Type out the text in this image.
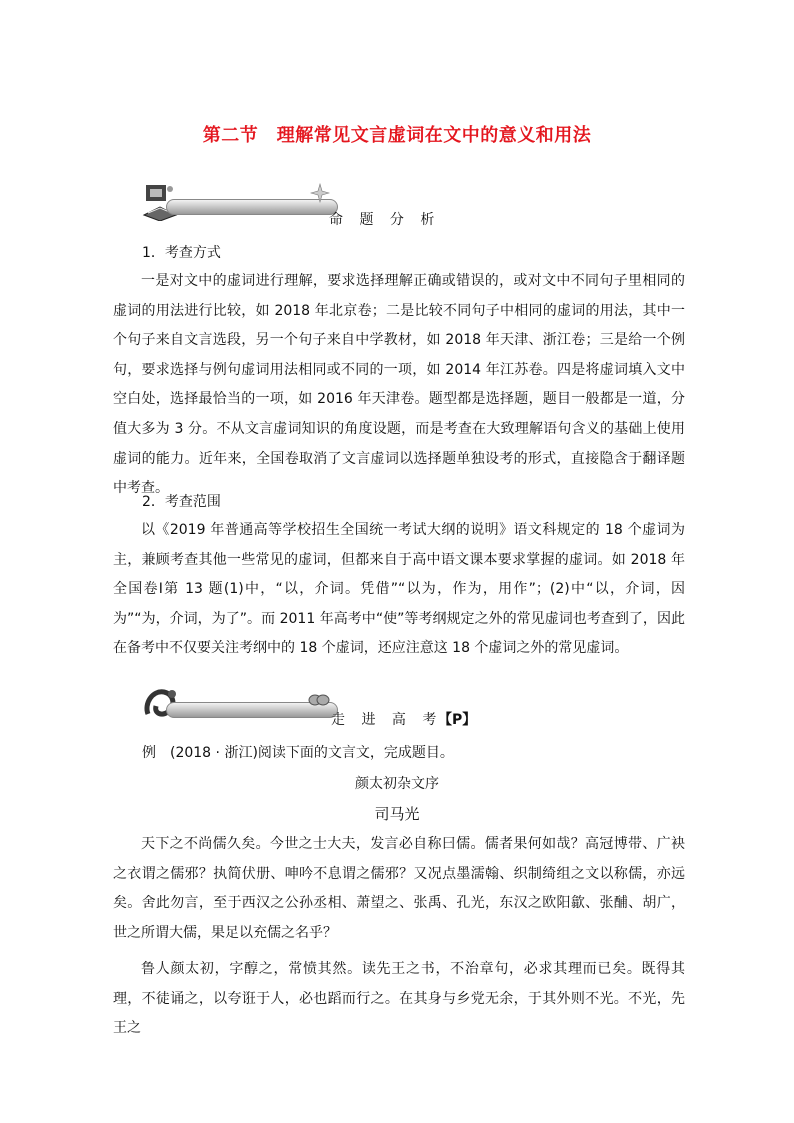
第二节　理解常见文言虚词在文中的意义和用法
命 题 分 析
1．考查方式
一是对文中的虚词进行理解，要求选择理解正确或错误的，或对文中不同句子里相同的虚词的用法进行比较，如 2018 年北京卷；二是比较不同句子中相同的虚词的用法，其中一个句子来自文言选段，另一个句子来自中学教材，如 2018 年天津、浙江卷；三是给一个例句，要求选择与例句虚词用法相同或不同的一项，如 2014 年江苏卷。四是将虚词填入文中空白处，选择最恰当的一项，如 2016 年天津卷。题型都是选择题，题目一般都是一道，分值大多为 3 分。不从文言虚词知识的角度设题，而是考查在大致理解语句含义的基础上使用虚词的能力。近年来，全国卷取消了文言虚词以选择题单独设考的形式，直接隐含于翻译题中考查。
2．考查范围
以《2019 年普通高等学校招生全国统一考试大纲的说明》语文科规定的 18 个虚词为主，兼顾考查其他一些常见的虚词，但都来自于高中语文课本要求掌握的虚词。如 2018 年全国卷Ⅰ第 13 题(1)中，“以，介词。凭借”“以为，作为，用作”；(2)中“以，介词，因为”“为，介词，为了”。而 2011 年高考中“使”等考纲规定之外的常见虚词也考查到了，因此在备考中不仅要关注考纲中的 18 个虚词，还应注意这 18 个虚词之外的常见虚词。
走 进 高 考
【P】
例　(2018 · 浙江)阅读下面的文言文，完成题目。
颜太初杂文序
司马光
天下之不尚儒久矣。今世之士大夫，发言必自称曰儒。儒者果何如哉？高冠博带、广袂之衣谓之儒邪？执简伏册、呻吟不息谓之儒邪？又况点墨濡翰、织制绮组之文以称儒，亦远矣。舍此勿言，至于西汉之公孙丞相、萧望之、张禹、孔光，东汉之欧阳歙、张酺、胡广，世之所谓大儒，果足以充儒之名乎？
鲁人颜太初，字醇之，常愤其然。读先王之书，不治章句，必求其理而已矣。既得其理，不徒诵之，以夸诳于人，必也蹈而行之。在其身与乡党无余，于其外则不光。不光，先王之
